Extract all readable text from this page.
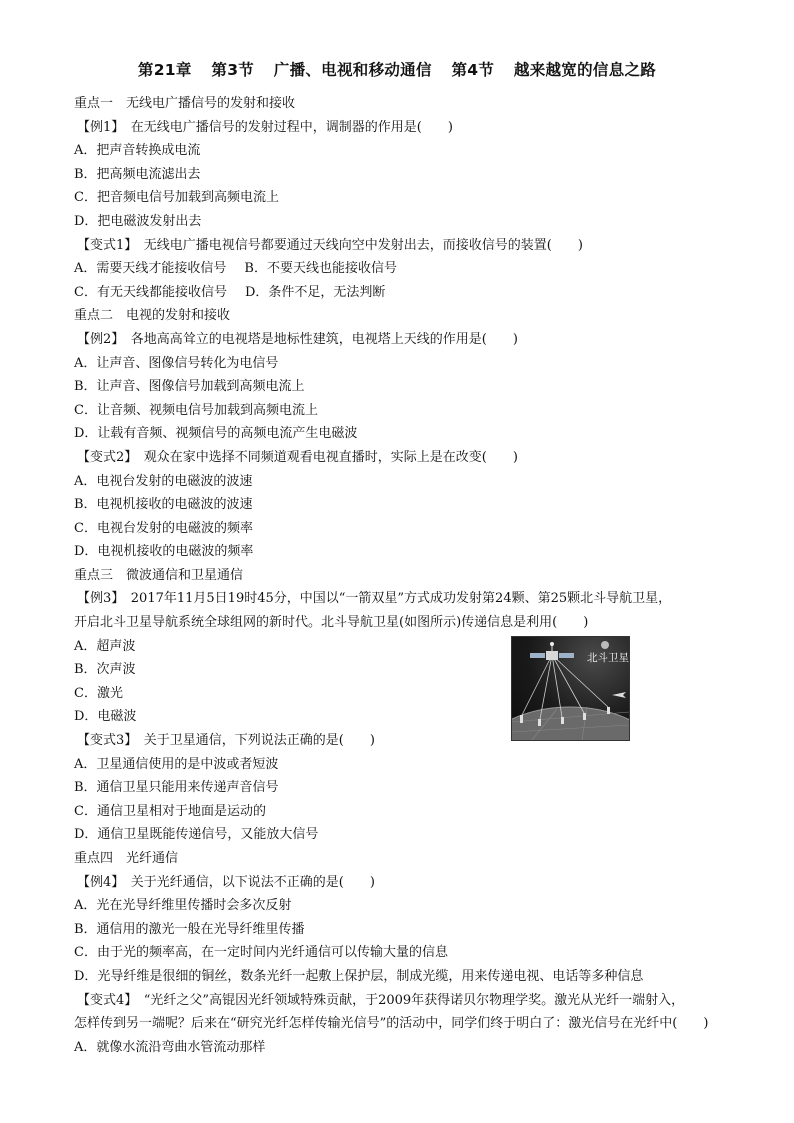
第21章 第3节 广播、电视和移动通信 第4节 越来越宽的信息之路
重点一　无线电广播信号的发射和接收
【例1】　在无线电广播信号的发射过程中，调制器的作用是(　　)
A．把声音转换成电流
B．把高频电流滤出去
C．把音频电信号加载到高频电流上
D．把电磁波发射出去
【变式1】　无线电广播电视信号都要通过天线向空中发射出去，而接收信号的装置(　　)
A．需要天线才能接收信号 B．不要天线也能接收信号
C．有无天线都能接收信号 D．条件不足，无法判断
重点二　电视的发射和接收
【例2】　各地高高耸立的电视塔是地标性建筑，电视塔上天线的作用是(　　)
A．让声音、图像信号转化为电信号
B．让声音、图像信号加载到高频电流上
C．让音频、视频电信号加载到高频电流上
D．让载有音频、视频信号的高频电流产生电磁波
【变式2】　观众在家中选择不同频道观看电视直播时，实际上是在改变(　　)
A．电视台发射的电磁波的波速
B．电视机接收的电磁波的波速
C．电视台发射的电磁波的频率
D．电视机接收的电磁波的频率
重点三　微波通信和卫星通信
【例3】　2017年11月5日19时45分，中国以“一箭双星”方式成功发射第24颗、第25颗北斗导航卫星，
开启北斗卫星导航系统全球组网的新时代。北斗导航卫星(如图所示)传递信息是利用(　　)
A．超声波
B．次声波
C．激光
D．电磁波
【变式3】　关于卫星通信，下列说法正确的是(　　)
A．卫星通信使用的是中波或者短波
B．通信卫星只能用来传递声音信号
C．通信卫星相对于地面是运动的
D．通信卫星既能传递信号，又能放大信号
重点四　光纤通信
【例4】　关于光纤通信，以下说法不正确的是(　　)
A．光在光导纤维里传播时会多次反射
B．通信用的激光一般在光导纤维里传播
C．由于光的频率高，在一定时间内光纤通信可以传输大量的信息
D．光导纤维是很细的铜丝，数条光纤一起敷上保护层，制成光缆，用来传递电视、电话等多种信息
【变式4】　“光纤之父”高锟因光纤领域特殊贡献，于2009年获得诺贝尔物理学奖。激光从光纤一端射入，
怎样传到另一端呢？后来在“研究光纤怎样传输光信号”的活动中，同学们终于明白了：激光信号在光纤中(　　)
A．就像水流沿弯曲水管流动那样
北斗卫星
